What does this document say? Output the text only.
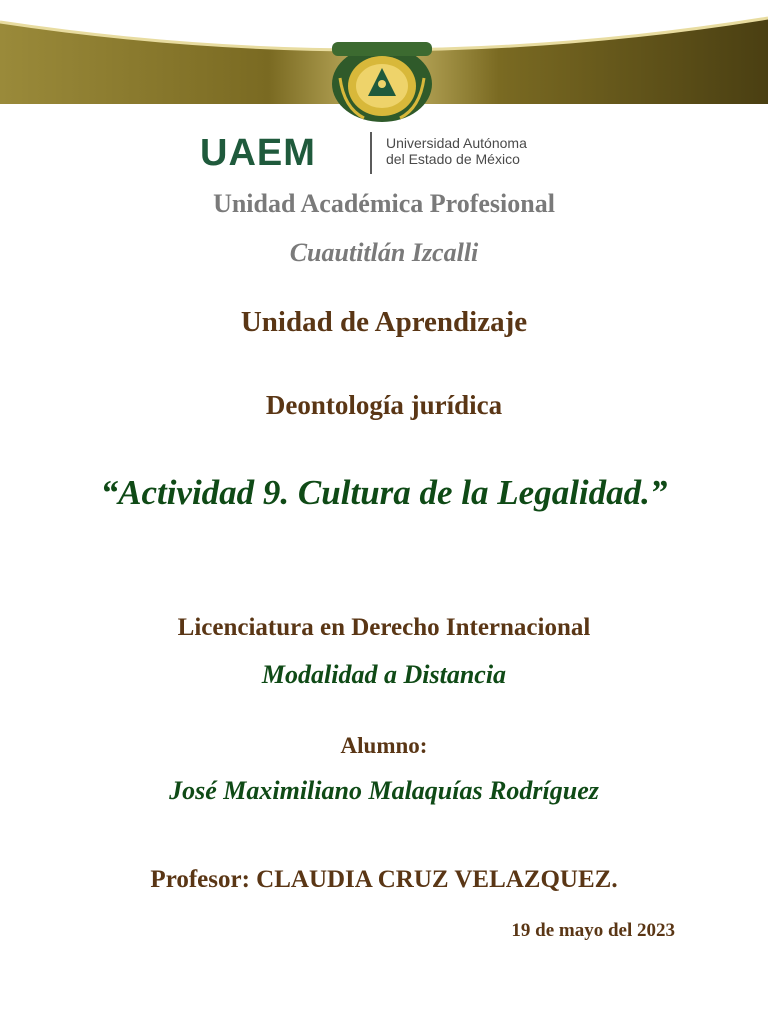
UAEM	Universidad Autónoma
del Estado de México
Unidad Académica Profesional
Cuautitlán Izcalli
Unidad de Aprendizaje
Deontología jurídica
“Actividad 9. Cultura de la Legalidad.”
Licenciatura en Derecho Internacional
Modalidad a Distancia
Alumno:
José Maximiliano Malaquías Rodríguez
Profesor: CLAUDIA CRUZ VELAZQUEZ.
19 de mayo del 2023
